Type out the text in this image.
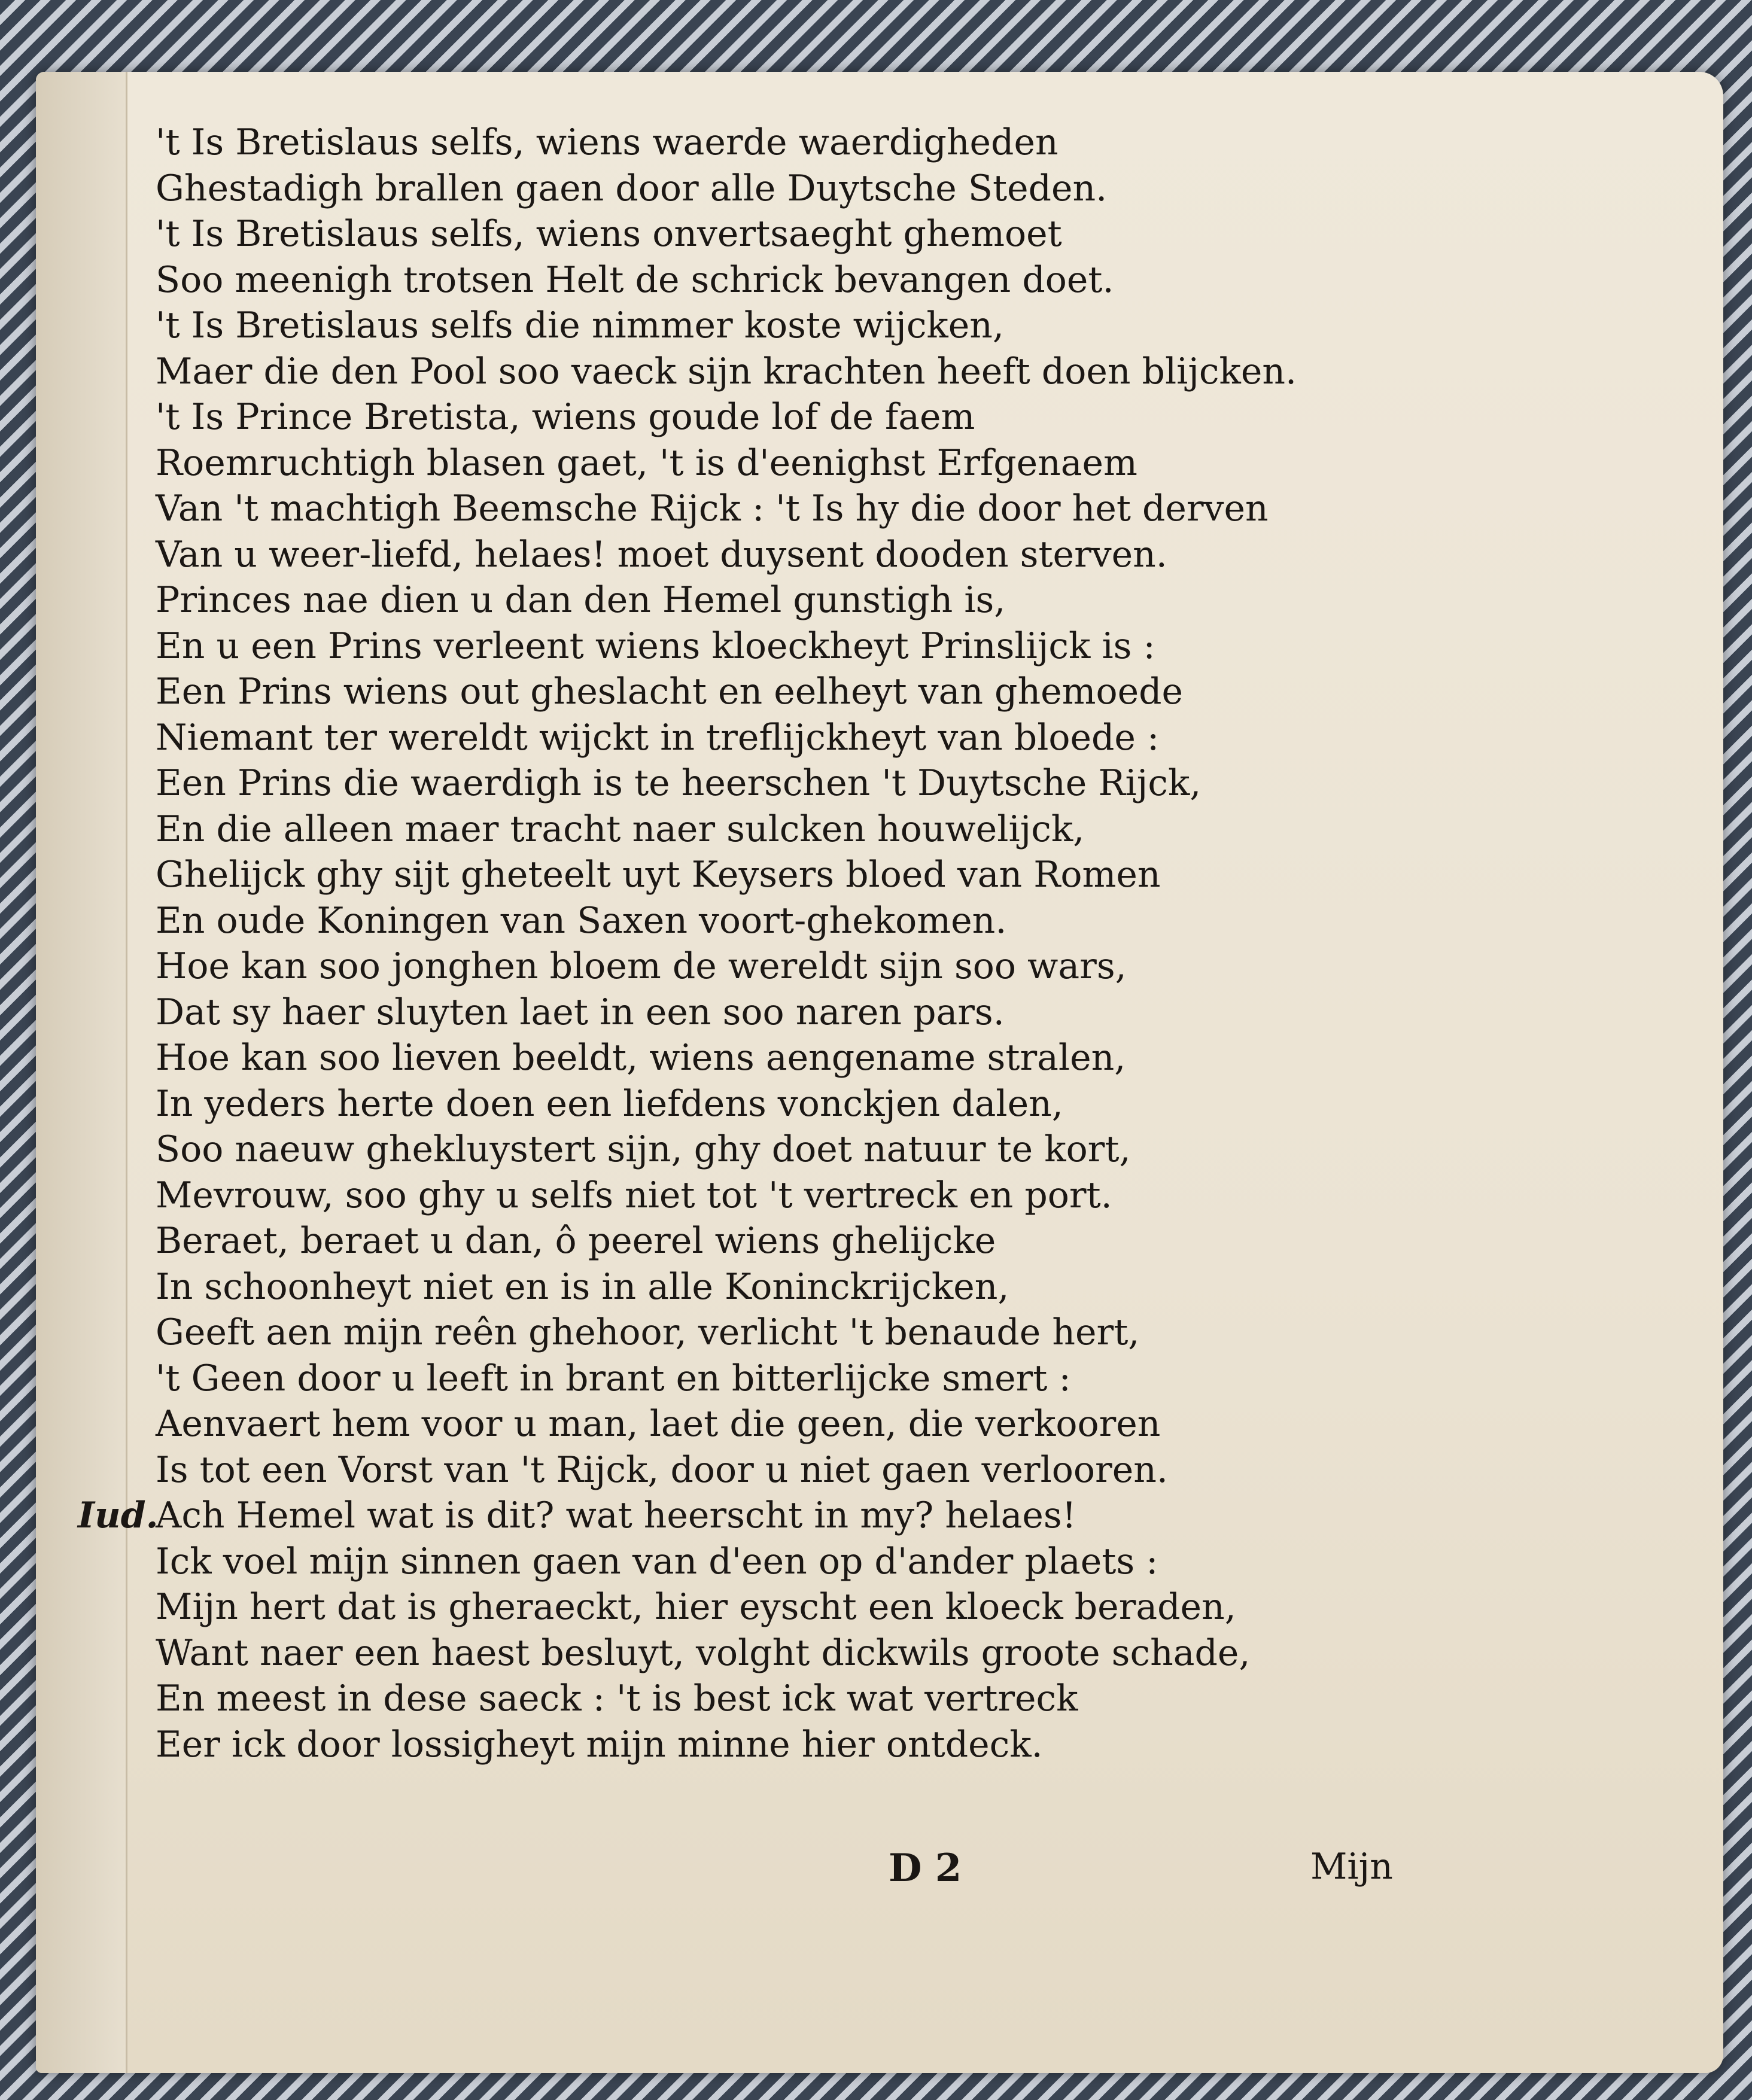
't Is Bretislaus selfs, wiens waerde waerdigheden
Ghestadigh brallen gaen door alle Duytsche Steden.
't Is Bretislaus selfs, wiens onvertsaeght ghemoet
Soo meenigh trotsen Helt de schrick bevangen doet.
't Is Bretislaus selfs die nimmer koste wijcken,
Maer die den Pool soo vaeck sijn krachten heeft doen blijcken.
't Is Prince Bretista, wiens goude lof de faem
Roemruchtigh blasen gaet, 't is d'eenighst Erfgenaem
Van 't machtigh Beemsche Rijck : 't Is hy die door het derven
Van u weer-liefd, helaes! moet duysent dooden sterven.
Princes nae dien u dan den Hemel gunstigh is,
En u een Prins verleent wiens kloeckheyt Prinslijck is :
Een Prins wiens out gheslacht en eelheyt van ghemoede
Niemant ter wereldt wijckt in treflijckheyt van bloede :
Een Prins die waerdigh is te heerschen 't Duytsche Rijck,
En die alleen maer tracht naer sulcken houwelijck,
Ghelijck ghy sijt gheteelt uyt Keysers bloed van Romen
En oude Koningen van Saxen voort-ghekomen.
Hoe kan soo jonghen bloem de wereldt sijn soo wars,
Dat sy haer sluyten laet in een soo naren pars.
Hoe kan soo lieven beeldt, wiens aengename stralen,
In yeders herte doen een liefdens vonckjen dalen,
Soo naeuw ghekluystert sijn, ghy doet natuur te kort,
Mevrouw, soo ghy u selfs niet tot 't vertreck en port.
Beraet, beraet u dan, ô peerel wiens ghelijcke
In schoonheyt niet en is in alle Koninckrijcken,
Geeft aen mijn reên ghehoor, verlicht 't benaude hert,
't Geen door u leeft in brant en bitterlijcke smert :
Aenvaert hem voor u man, laet die geen, die verkooren
Is tot een Vorst van 't Rijck, door u niet gaen verlooren.
Iud.Ach Hemel wat is dit? wat heerscht in my? helaes!
Ick voel mijn sinnen gaen van d'een op d'ander plaets :
Mijn hert dat is gheraeckt, hier eyscht een kloeck beraden,
Want naer een haest besluyt, volght dickwils groote schade,
En meest in dese saeck : 't is best ick wat vertreck
Eer ick door lossigheyt mijn minne hier ontdeck.
D 2	Mijn
